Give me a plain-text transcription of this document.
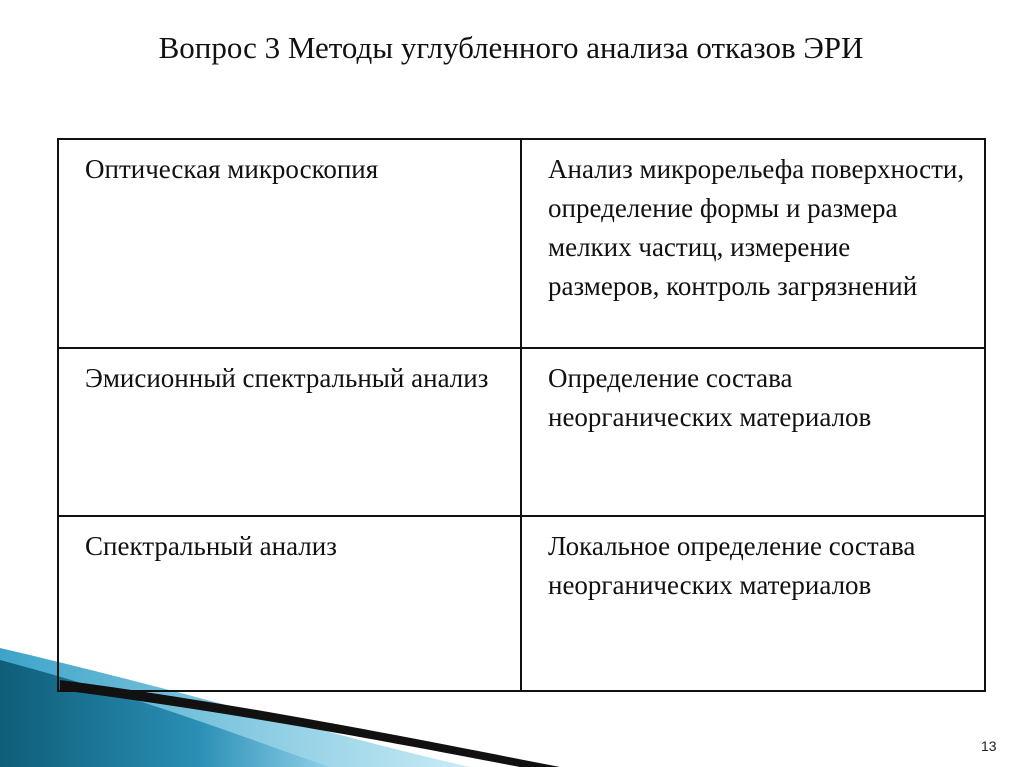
Вопрос 3 Методы углубленного анализа отказов ЭРИ
Оптическая микроскопия	Анализ микрорельефа поверхности, определение формы и размера мелких частиц, измерение размеров, контроль загрязнений
Эмисионный спектральный анализ	Определение состава неорганических материалов
Спектральный анализ	Локальное определение состава неорганических материалов
13
